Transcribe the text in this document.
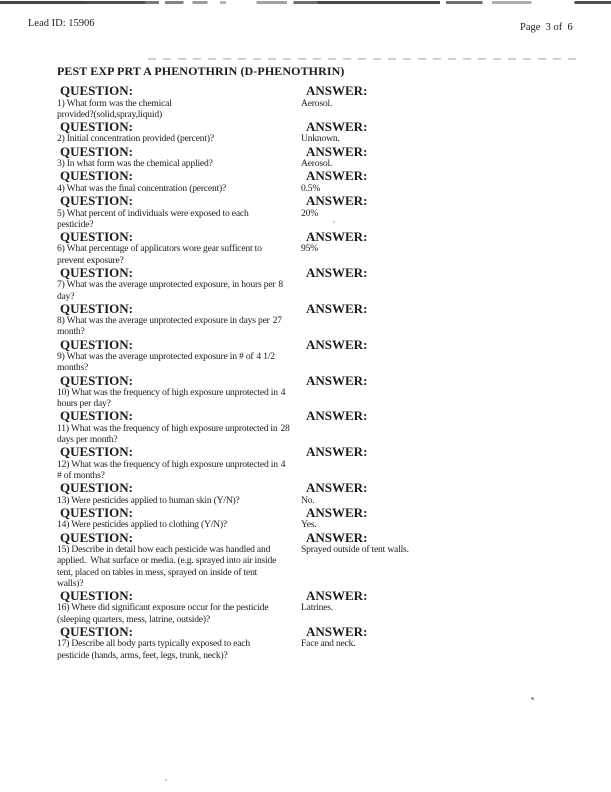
Lead ID: 15906	Page  3 of  6
PEST EXP PRT A PHENOTHRIN (D-PHENOTHRIN)
QUESTION:	ANSWER:
1) What form was the chemical
provided?(solid,spray,liquid)
Aerosol.
QUESTION:	ANSWER:
2) Initial concentration provided (percent)?	Unknown.
QUESTION:	ANSWER:
3) In what form was the chemical applied?	Aerosol.
QUESTION:	ANSWER:
4) What was the final concentration (percent)?	0.5%
QUESTION:	ANSWER:
5) What percent of individuals were exposed to each
pesticide?
20%
QUESTION:	ANSWER:
6) What percentage of applicators wore gear sufficent to
prevent exposure?
95%
QUESTION:	ANSWER:
7) What was the average unprotected exposure, in hours per 8
day?
QUESTION:	ANSWER:
8) What was the average unprotected exposure in days per 27
month?
QUESTION:	ANSWER:
9) What was the average unprotected exposure in # of 4 1/2
months?
QUESTION:	ANSWER:
10) What was the frequency of high exposure unprotected in 4
hours per day?
QUESTION:	ANSWER:
11) What was the frequency of high exposure unprotected in 28
days per month?
QUESTION:	ANSWER:
12) What was the frequency of high exposure unprotected in 4
# of months?
QUESTION:	ANSWER:
13) Were pesticides applied to human skin (Y/N)?	No.
QUESTION:	ANSWER:
14) Were pesticides applied to clothing (Y/N)?	Yes.
QUESTION:	ANSWER:
15) Describe in detail how each pesticide was handled and
applied.  What surface or media. (e.g. sprayed into air inside
tent, placed on tables in mess, sprayed on inside of tent
walls)?
Sprayed outside of tent walls.
QUESTION:	ANSWER:
16) Where did significant exposure occur for the pesticide
(sleeping quarters, mess, latrine, outside)?
Latrines.
QUESTION:	ANSWER:
17) Describe all body parts typically exposed to each
pesticide (hands, arms, feet, legs, trunk, neck)?
Face and neck.
